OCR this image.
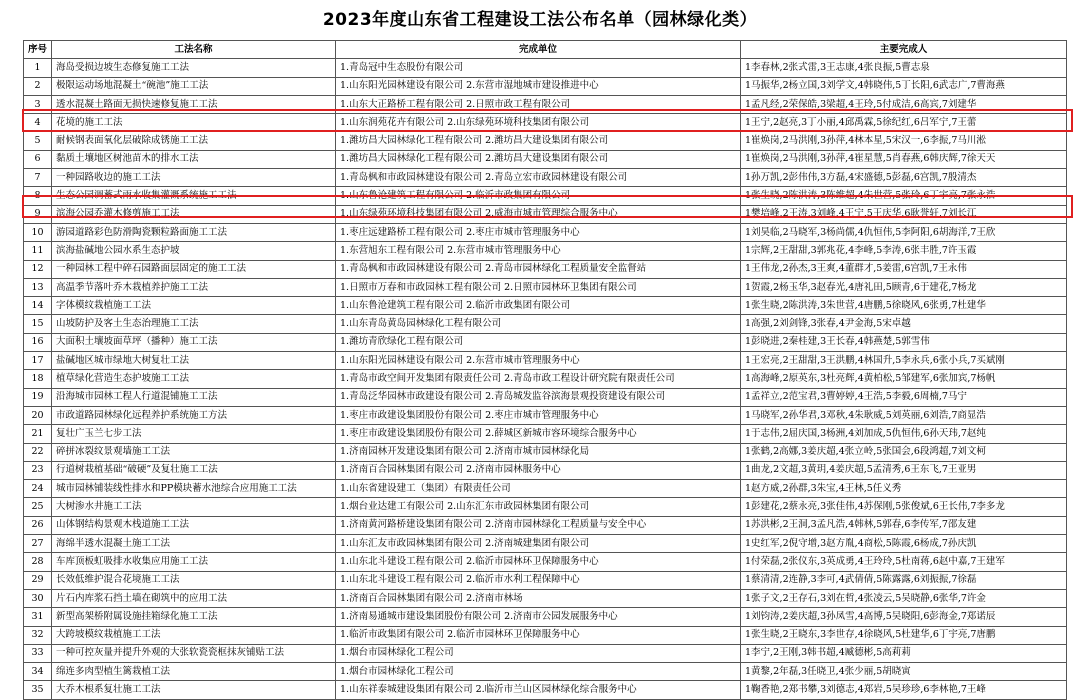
2023年度山东省工程建设工法公布名单（园林绿化类）
序号	工法名称	完成单位	主要完成人
1	海岛受损边坡生态修复施工工法	1.青岛冠中生态股份有限公司	1李春林,2张式雷,3王志康,4张良振,5曹志泉
2	极限运动场地混凝土“碗池”施工工法	1.山东阳光园林建设有限公司 2.东营市湿地城市建设推进中心	1马振华,2杨立国,3刘学文,4韩晓伟,5丁长阳,6武志广,7曹海燕
3	透水混凝土路面无损快速修复施工工法	1.山东大正路桥工程有限公司 2.日照市政工程有限公司	1孟凡经,2荣保皓,3梁超,4王玲,5付成洁,6高宾,7刘建华
4	花境的施工工法	1.山东润苑花卉有限公司 2.山东绿苑环境科技集团有限公司	1王宁,2赵亮,3丁小丽,4邱禹霖,5徐纪红,6吕军宁,7王蕾
5	耐候钢表面氧化层破除成锈施工工法	1.潍坊昌大园林绿化工程有限公司 2.潍坊昌大建设集团有限公司	1崔焕岗,2马洪刚,3孙萍,4林本星,5宋汉一,6李振,7马川淞
6	黏质土壤地区树池苗木的排水工法	1.潍坊昌大园林绿化工程有限公司 2.潍坊昌大建设集团有限公司	1崔焕岗,2马洪刚,3孙萍,4崔星慧,5肖春燕,6韩庆辉,7徐天天
7	一种园路收边的施工工法	1.青岛枫和市政园林建设有限公司 2.青岛立宏市政园林建设有限公司	1孙万凯,2彭伟伟,3方磊,4宋盛德,5彭磊,6宫凯,7殷清杰
8	生态公园调蓄式雨水收集灌溉系统施工工法	1.山东鲁沧建筑工程有限公司 2.临沂市政集团有限公司	1张生晓,2陈洪涛,3陈维超,4朱世营,5张玲,6丁宇亮,7张永浩
9	滨海公园乔灌木修剪施工工法	1.山东绿苑环境科技集团有限公司 2.威海市城市管理综合服务中心	1樊培峰,2王涛,3刘峰,4王宁,5王庆华,6耿誉轩,7刘长江
10	游园道路彩色防滑陶瓷颗粒路面施工工法	1.枣庄远建路桥工程有限公司 2.枣庄市城市管理服务中心	1刘昊临,2马晓军,3杨尚儒,4仇恒伟,5李阿阳,6胡海洋,7王欣
11	滨海盐碱地公园水系生态护坡	1.东营旭东工程有限公司 2.东营市城市管理服务中心	1宗辉,2王甜甜,3郭兆花,4李峰,5李涛,6张丰胜,7许玉霞
12	一种园林工程中碎石园路面层固定的施工工法	1.青岛枫和市政园林建设有限公司 2.青岛市园林绿化工程质量安全监督站	1王伟龙,2孙杰,3王爽,4董群才,5姜雷,6宫凯,7王永伟
13	高温季节落叶乔木栽植养护施工工法	1.日照市万春和市政园林工程有限公司 2.日照市园林环卫集团有限公司	1贺霞,2杨玉华,3赵春光,4唐礼田,5顾青,6于建花,7杨龙
14	字体模纹栽植施工工法	1.山东鲁沧建筑工程有限公司 2.临沂市政集团有限公司	1张生晓,2陈洪涛,3朱世营,4唐鹏,5徐晓风,6张勇,7杜建华
15	山坡防护及客土生态治理施工工法	1.山东青岛黄岛园林绿化工程有限公司	1高强,2刘剑锋,3张春,4尹金海,5宋卓越
16	大面积土壤坡面草坪（播种）施工工法	1.潍坊青欣绿化工程有限公司	1彭晓进,2秦桂建,3王长春,4韩燕楚,5郭雪伟
17	盐碱地区城市绿地大树复壮工法	1.山东阳光园林建设有限公司 2.东营市城市管理服务中心	1王宏亮,2王甜甜,3王洪鹏,4林国升,5李永兵,6张小兵,7买斌刚
18	植草绿化营造生态护坡施工工法	1.青岛市政空间开发集团有限责任公司 2.青岛市政工程设计研究院有限责任公司	1高海峰,2原英东,3杜亮辉,4黄柏松,5邹建军,6张加宾,7杨帆
19	沿海城市园林工程人行道混铺施工工法	1.青岛泛华园林市政建设有限公司 2.青岛城发监谷滨海景观投资建设有限公司	1孟祥立,2范宝君,3曹婷婷,4王浩,5李毅,6周楠,7马宁
20	市政道路园林绿化远程养护系统施工方法	1.枣庄市政建设集团股份有限公司 2.枣庄市城市管理服务中心	1马晓军,2孙华君,3邓秋,4朱耿威,5刘英丽,6刘浩,7商显浩
21	复壮广玉兰七步工法	1.枣庄市政建设集团股份有限公司 2.薛城区新城市容环境综合服务中心	1于志伟,2屈庆国,3杨洲,4刘加成,5仇恒伟,6孙天玮,7赵纯
22	碎拼冰裂纹景观墙施工工法	1.济南园林开发建设集团有限公司 2.济南市城市园林绿化局	1张鹤,2高娜,3姜庆超,4张立岭,5张国会,6段鸿超,7刘文柯
23	行道树栽植基础“破硬”及复壮施工工法	1.济南百合园林集团有限公司 2.济南市园林服务中心	1曲龙,2文超,3黄玥,4姜庆超,5孟清秀,6王东飞,7王亚男
24	城市园林铺装线性排水和PP模块蓄水池综合应用施工工法	1.山东省建设建工（集团）有限责任公司	1赵方威,2孙群,3朱宝,4王林,5任义秀
25	大树渗水井施工工法	1.烟台业达建工有限公司 2.山东汇东市政园林集团有限公司	1彭建花,2蔡永亮,3张佳伟,4苏保刚,5张俊斌,6王长伟,7李多龙
26	山体钢结构景观木栈道施工工法	1.济南黄河路桥建设集团有限公司 2.济南市园林绿化工程质量与安全中心	1苏洪彬,2王洞,3孟凡浩,4韩林,5郭春,6李传军,7邵友建
27	海绵半透水混凝土施工工法	1.山东汇友市政园林集团有限公司 2.济南城建集团有限公司	1史红军,2倪守增,3赵方胤,4商松,5陈霞,6杨成,7孙庆凯
28	车库顶板虹吸排水收集应用施工工法	1.山东北斗建设工程有限公司 2.临沂市园林环卫保障服务中心	1付荣磊,2张仪东,3英成勇,4王玲玲,5杜南蒋,6赵中嘉,7王建军
29	长效低维护混合花境施工工法	1.山东北斗建设工程有限公司 2.临沂市水利工程保障中心	1蔡清清,2连静,3李可,4武倩倩,5陈露露,6刘振振,7徐磊
30	片石内库浆石挡土墙在砌筑中的应用工法	1.济南百合园林集团有限公司 2.济南市林场	1张子文,2王存石,3刘在哲,4张凌云,5吴晓静,6张华,7许金
31	新型高架桥附属设施挂箱绿化施工工法	1.济南易通城市建设集团股份有限公司 2.济南市公园发展服务中心	1刘钧涛,2姜庆超,3孙凤雪,4高博,5吴晓阳,6彭海金,7郑诺辰
32	大跨坡模纹栽植施工工法	1.临沂市政集团有限公司 2.临沂市园林环卫保障服务中心	1张生晓,2王晓东,3李世存,4徐晓风,5杜建华,6丁宇亮,7唐鹏
33	一种可控灰量并提升外观的大张软瓷瓷框抹灰铺贴工法	1.烟台市园林绿化工程公司	1李宁,2王刚,3韩书超,4臧德彬,5高莉莉
34	绵连多肉型植生篱栽植工法	1.烟台市园林绿化工程公司	1黄黎,2年磊,3任晓卫,4张少丽,5胡晓寅
35	大乔木根系复壮施工工法	1.山东祥泰城建设集团有限公司 2.临沂市兰山区园林绿化综合服务中心	1鞠香艳,2郑书攀,3刘德志,4郑岩,5吴珍珍,6李林艳,7王峰
